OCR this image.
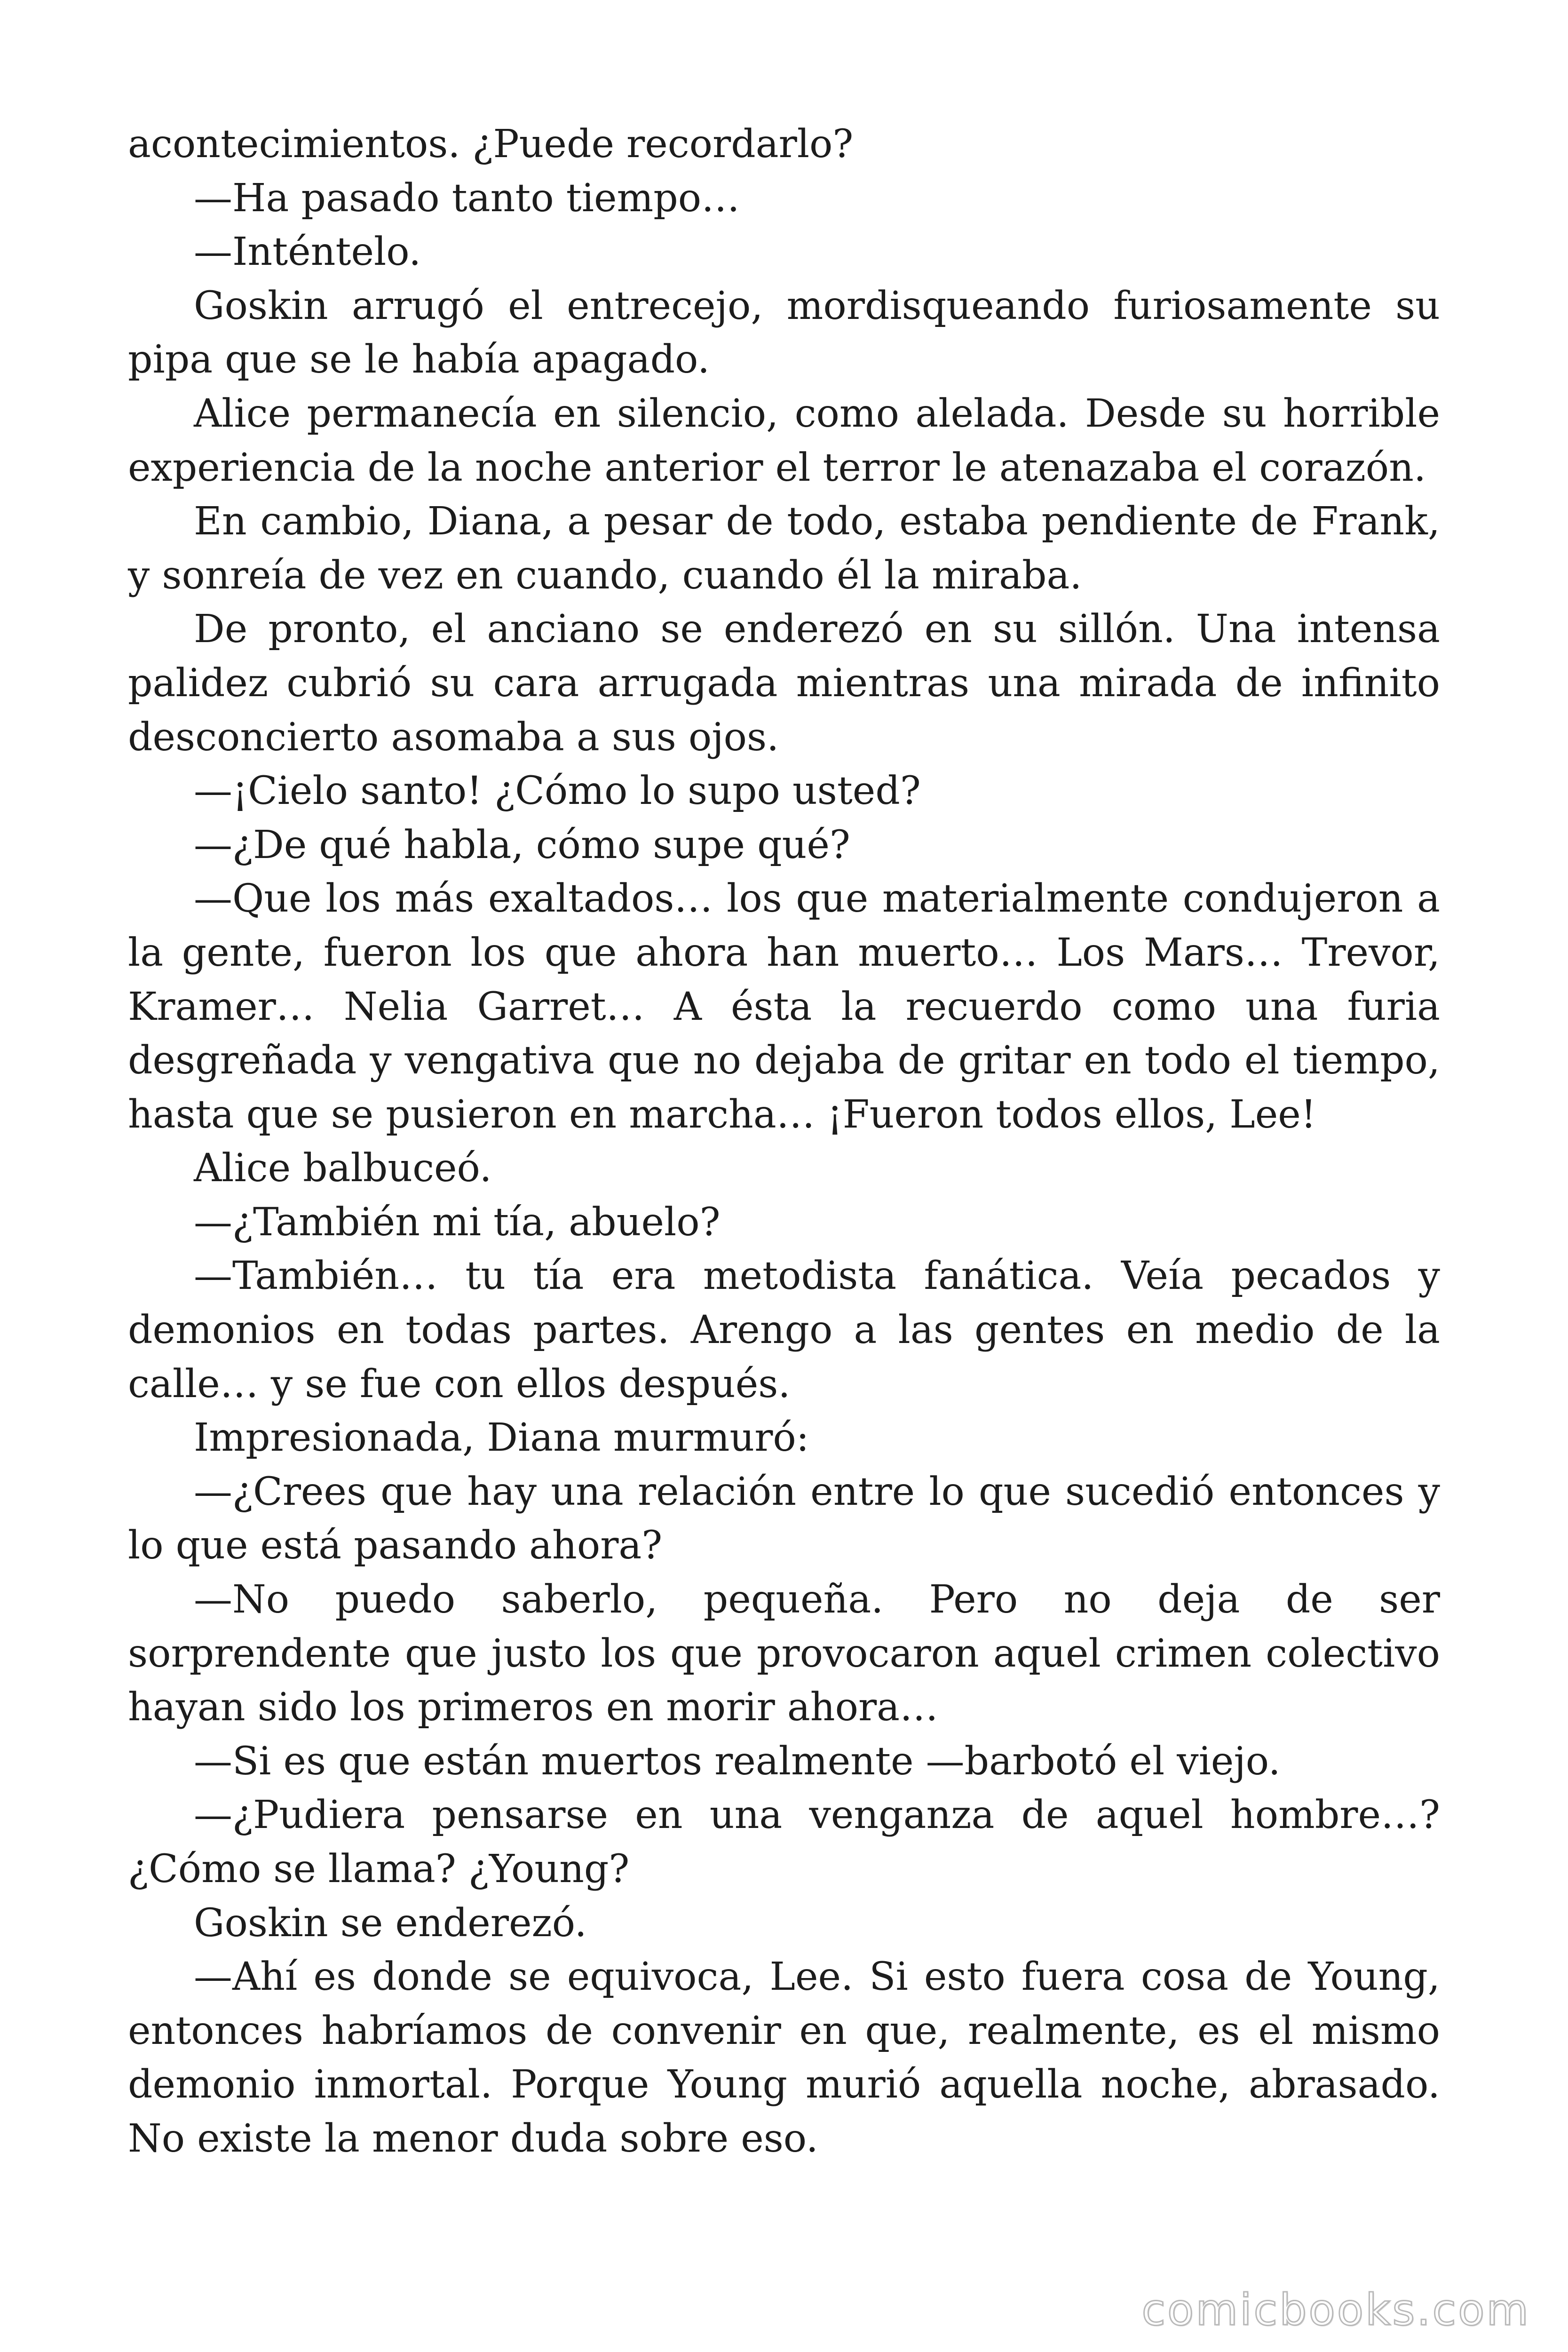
acontecimientos. ¿Puede recordarlo?

—Ha pasado tanto tiempo…

—Inténtelo.

Goskin arrugó el entrecejo, mordisqueando furiosamente su pipa que se le había apagado.

Alice permanecía en silencio, como alelada. Desde su horrible experiencia de la noche anterior el terror le atenazaba el corazón.

En cambio, Diana, a pesar de todo, estaba pendiente de Frank, y sonreía de vez en cuando, cuando él la miraba.

De pronto, el anciano se enderezó en su sillón. Una intensa palidez cubrió su cara arrugada mientras una mirada de infinito desconcierto asomaba a sus ojos.

—¡Cielo santo! ¿Cómo lo supo usted?

—¿De qué habla, cómo supe qué?

—Que los más exaltados… los que materialmente condujeron a la gente, fueron los que ahora han muerto… Los Mars… Trevor, Kramer… Nelia Garret… A ésta la recuerdo como una furia desgreñada y vengativa que no dejaba de gritar en todo el tiempo, hasta que se pusieron en marcha… ¡Fueron todos ellos, Lee!

Alice balbuceó.

—¿También mi tía, abuelo?

—También… tu tía era metodista fanática. Veía pecados y demonios en todas partes. Arengo a las gentes en medio de la calle… y se fue con ellos después.

Impresionada, Diana murmuró:

—¿Crees que hay una relación entre lo que sucedió entonces y lo que está pasando ahora?

—No puedo saberlo, pequeña. Pero no deja de ser sorprendente que justo los que provocaron aquel crimen colectivo hayan sido los primeros en morir ahora…

—Si es que están muertos realmente —barbotó el viejo.

—¿Pudiera pensarse en una venganza de aquel hombre…? ¿Cómo se llama? ¿Young?

Goskin se enderezó.

—Ahí es donde se equivoca, Lee. Si esto fuera cosa de Young, entonces habríamos de convenir en que, realmente, es el mismo demonio inmortal. Porque Young murió aquella noche, abrasado. No existe la menor duda sobre eso.

comicbooks.com
